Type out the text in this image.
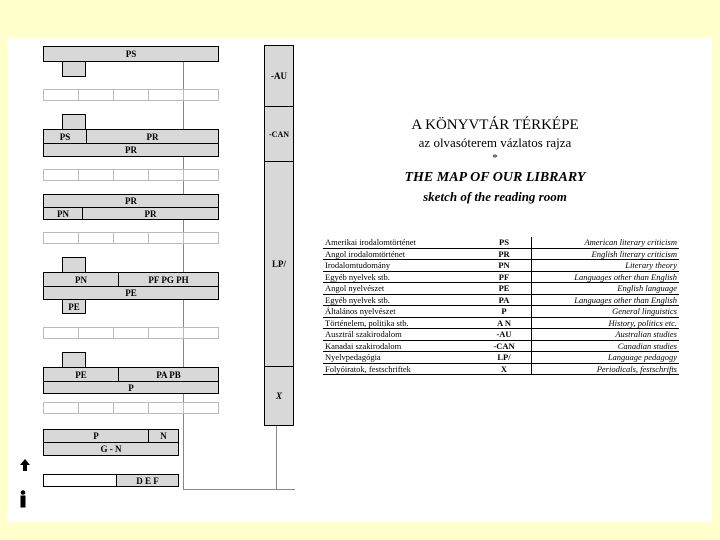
PS
PS	PR
PR
PR
PN	PR
PN	PF PG PH
PE
PE
PE	PA PB
P
P	N
G - N
D E F
-AU
-CAN
LP/
X
A KÖNYVTÁR TÉRKÉPE
az olvasóterem vázlatos rajza
*
THE MAP OF OUR LIBRARY
sketch of the reading room
Amerikai irodalomtörténet	PS	American literary criticism
Angol irodalomtörténet	PR	English literary criticism
Irodalomtudomány	PN	Literary theory
Egyéb nyelvek stb.	PF	Languages other than English
Angol nyelvészet	PE	English language
Egyéb nyelvek stb.	PA	Languages other than English
Általános nyelvészet	P	General linguistics
Történelem, politika stb.	A N	History, politics etc.
Ausztrál szakirodalom	-AU	Australian studies
Kanadai szakirodalom	-CAN	Canadian studies
Nyelvpedagógia	LP/	Language pedagogy
Folyóiratok, festschriftek	X	Periodicals, festschrifts
